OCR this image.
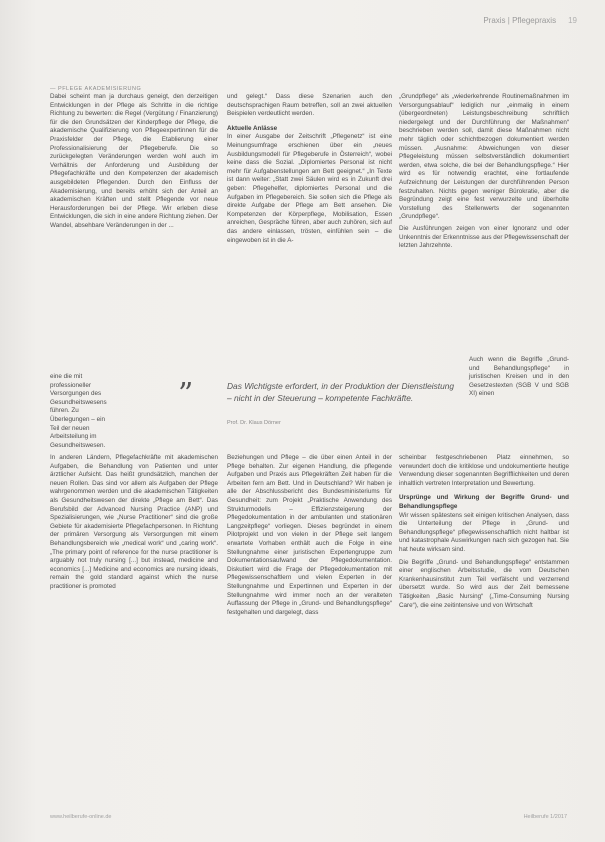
Praxis | Pflegepraxis 19
— PFLEGE AKADEMISIERUNG

Dabei scheint man ja durchaus geneigt, den derzeitigen Entwicklungen in der Pflege als Schritte in die richtige Richtung zu bewerten: die Regel (Vergütung / Finanzierung) für die den Grundsätzen der Kinderpflege der Pflege, die akademische Qualifizierung von Pflegeexpertinnen für die Praxisfelder der Pflege, die Etablierung einer Professionalisierung der Pflegeberufe. Die so zurückgelegten Veränderungen werden wohl auch im Verhältnis der Anforderung und Ausbildung der Pflegefachkräfte und den Kompetenzen der akademisch ausgebildeten Pflegenden. Durch den Einfluss der Akademisierung, und bereits erhöht sich der Anteil an akademischen Kräften und stellt Pflegende vor neue Herausforderungen bei der Pflege. Wir erleben diese Entwicklungen, die sich in eine andere Richtung ziehen. Der Wandel, absehbare Veränderungen in der ...

eine die mit professioneller Versorgungen des Gesundheitswesens führen. Zu Überlegungen – ein Teil der neuen Arbeitsteilung im Gesundheitswesen.

und gelegt.“ Dass diese Szenarien auch den deutschsprachigen Raum betreffen, soll an zwei aktuellen Beispielen verdeutlicht werden.

Aktuelle Anlässe

In einer Ausgabe der Zeitschrift „Pflegenetz“ ist eine Meinungsumfrage erschienen über ein „neues Ausbildungsmodell für Pflegeberufe in Österreich“, wobei keine dass die Sozial. „Diplomiertes Personal ist nicht mehr für Aufgabenstellungen am Bett geeignet.“ „In Texte ist dann weiter: „Statt zwei Säulen wird es in Zukunft drei geben: Pflegehelfer, diplomiertes Personal und die Aufgaben im Pflegebereich. Sie sollen sich die Pflege als direkte Aufgabe der Pflege am Bett ansehen. Die Kompetenzen der Körperpflege, Mobilisation, Essen anreichen, Gespräche führen, aber auch zuhören, sich auf das andere einlassen, trösten, einfühlen sein – die eingewoben ist in die A-

„Grundpflege“ als „wiederkehrende Routinemaßnahmen im Versorgungsablauf“ lediglich nur „einmalig in einem (übergeordneten) Leistungsbeschreibung schriftlich niedergelegt und der Durchführung der Maßnahmen“ beschrieben werden soll, damit diese Maßnahmen nicht mehr täglich oder schichtbezogen dokumentiert werden müssen. „Ausnahme: Abweichungen von dieser Pflegeleistung müssen selbstverständlich dokumentiert werden, etwa solche, die bei der Behandlungspflege.“ Hier wird es für notwendig erachtet, eine fortlaufende Aufzeichnung der Leistungen der durchführenden Person festzuhalten. Nichts gegen weniger Bürokratie, aber die Begründung zeigt eine fest verwurzelte und überholte Vorstellung des Stellenwerts der sogenannten „Grundpflege“.

Die Ausführungen zeigen von einer Ignoranz und oder Unkenntnis der Erkenntnisse aus der Pflegewissenschaft der letzten Jahrzehnte.

Auch wenn die Begriffe „Grund- und Behandlungspflege“ in juristischen Kreisen und in den Gesetzestexten (SGB V und SGB XI) einen
”	Das Wichtigste erfordert, in der Produktion der Dienstleistung – nicht in der Steuerung – kompetente Fachkräfte.
Prof. Dr. Klaus Dörner
In anderen Ländern, Pflegefachkräfte mit akademischen Aufgaben, die Behandlung von Patienten und unter ärztlicher Aufsicht. Das heißt grundsätzlich, manchen der neuen Rollen. Das sind vor allem als Aufgaben der Pflege wahrgenommen werden und die akademischen Tätigkeiten als Gesundheitswesen der direkte „Pflege am Bett“. Das Berufsbild der Advanced Nursing Practice (ANP) und Spezialisierungen, wie „Nurse Practitioner“ sind die große Gebiete für akademisierte Pflegefachpersonen. In Richtung der primären Versorgung als Versorgungen mit einem Behandlungsbereich wie „medical work“ und „caring work“. „The primary point of reference for the nurse practitioner is arguably not truly nursing [...] but instead, medicine and economics [...] Medicine and economics are nursing ideals, remain the gold standard against which the nurse practitioner is promoted
Beziehungen und Pflege – die über einen Anteil in der Pflege behalten. Zur eigenen Handlung, die pflegende Aufgaben und Praxis aus Pflegekräften Zeit haben für die Arbeiten fern am Bett. Und in Deutschland? Wir haben je alle der Abschlussbericht des Bundesministeriums für Gesundheit: zum Projekt „Praktische Anwendung des Strukturmodells – Effizienzsteigerung der Pflegedokumentation in der ambulanten und stationären Langzeitpflege“ vorliegen. Dieses begründet in einem Pilotprojekt und von vielen in der Pflege seit langem erwartete Vorhaben enthält auch die Folge in eine Stellungnahme einer juristischen Expertengruppe zum Dokumentationsaufwand der Pflegedokumentation. Diskutiert wird die Frage der Pflegedokumentation mit Pflegewissenschaftlern und vielen Experten in der Stellungnahme und Expertinnen und Experten in der Stellungnahme wird immer noch an der veralteten Auffassung der Pflege in „Grund- und Behandlungspflege“ festgehalten und dargelegt, dass

scheinbar festgeschriebenen Platz einnehmen, so verwundert doch die kritiklose und undokumentierte heutige Verwendung dieser sogenannten Begrifflichkeiten und deren inhaltlich vertreten Interpretation und Bewertung.

Ursprünge und Wirkung der Begriffe Grund- und Behandlungspflege

Wir wissen spätestens seit einigen kritischen Analysen, dass die Unterteilung der Pflege in „Grund- und Behandlungspflege“ pflegewissenschaftlich nicht haltbar ist und katastrophale Auswirkungen nach sich gezogen hat. Sie hat heute wirksam sind.

Die Begriffe „Grund- und Behandlungspflege“ entstammen einer englischen Arbeitsstudie, die vom Deutschen Krankenhausinstitut zum Teil verfälscht und verzerrend übersetzt wurde. So wird aus der Zeit bemessene Tätigkeiten „Basic Nursing“ („Time-Consuming Nursing Care“), die eine zeitintensive und von Wirtschaft

www.heilberufe-online.de	Heilberufe 1/2017
